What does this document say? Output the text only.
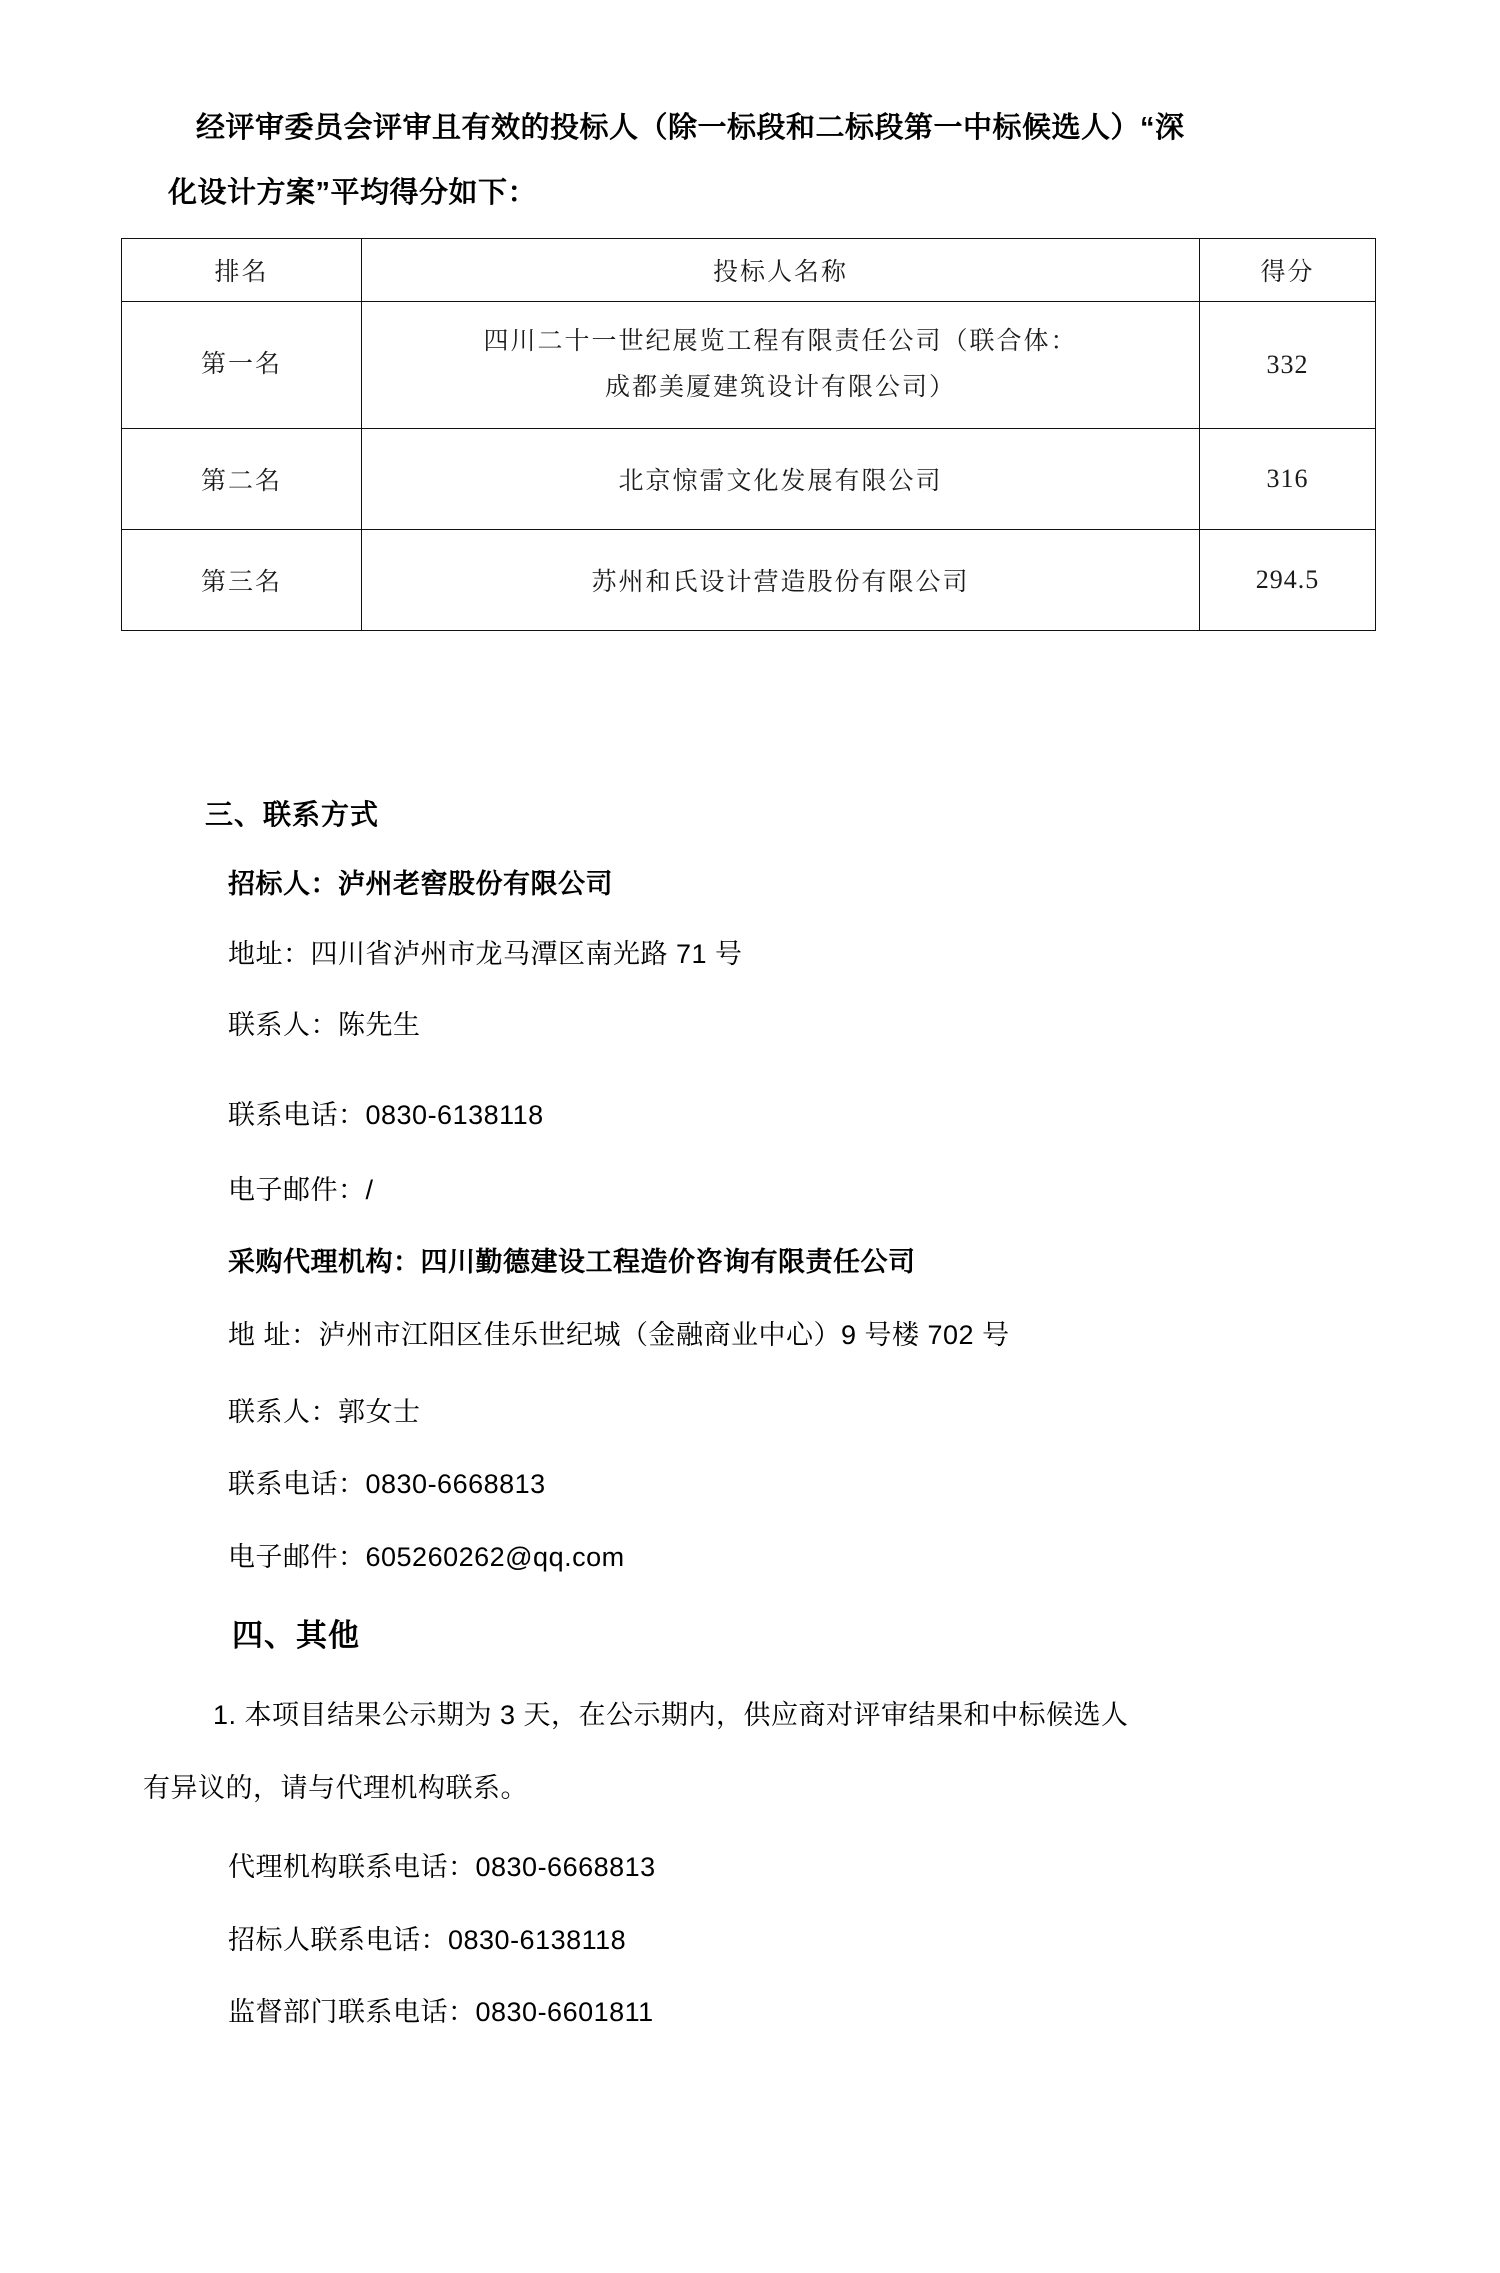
经评审委员会评审且有效的投标人（除一标段和二标段第一中标候选人）“深
化设计方案”平均得分如下：
排名	投标人名称	得分
第一名	四川二十一世纪展览工程有限责任公司（联合体：
成都美厦建筑设计有限公司）	332
第二名	北京惊雷文化发展有限公司	316
第三名	苏州和氏设计营造股份有限公司	294.5
三、联系方式
招标人：泸州老窖股份有限公司
地址：四川省泸州市龙马潭区南光路 71 号
联系人：陈先生
联系电话：0830-6138118
电子邮件：/
采购代理机构：四川勤德建设工程造价咨询有限责任公司
地 址：泸州市江阳区佳乐世纪城（金融商业中心）9 号楼 702 号
联系人：郭女士
联系电话：0830-6668813
电子邮件：605260262@qq.com
四、其他
1. 本项目结果公示期为 3 天，在公示期内，供应商对评审结果和中标候选人
有异议的，请与代理机构联系。
代理机构联系电话：0830-6668813
招标人联系电话：0830-6138118
监督部门联系电话：0830-6601811
